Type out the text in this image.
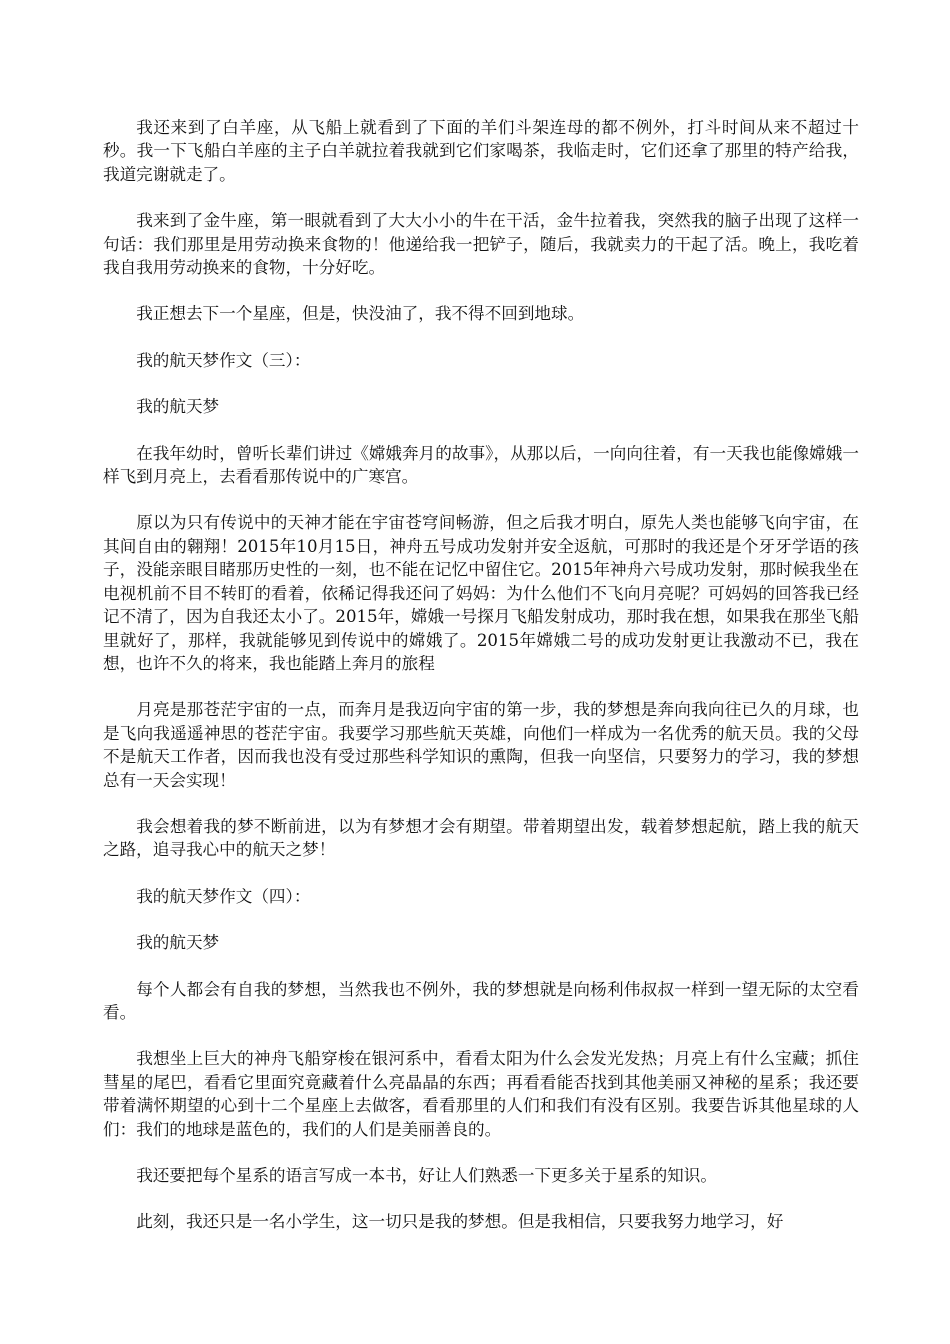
我还来到了白羊座，从飞船上就看到了下面的羊们斗架连母的都不例外，打斗时间从来不超过十秒。我一下飞船白羊座的主子白羊就拉着我就到它们家喝茶，我临走时，它们还拿了那里的特产给我，我道完谢就走了。

我来到了金牛座，第一眼就看到了大大小小的牛在干活，金牛拉着我，突然我的脑子出现了这样一句话：我们那里是用劳动换来食物的！他递给我一把铲子，随后，我就卖力的干起了活。晚上，我吃着我自我用劳动换来的食物，十分好吃。

我正想去下一个星座，但是，快没油了，我不得不回到地球。

我的航天梦作文（三）：

我的航天梦

在我年幼时，曾听长辈们讲过《嫦娥奔月的故事》，从那以后，一向向往着，有一天我也能像嫦娥一样飞到月亮上，去看看那传说中的广寒宫。

原以为只有传说中的天神才能在宇宙苍穹间畅游，但之后我才明白，原先人类也能够飞向宇宙，在其间自由的翱翔！2015年10月15日，神舟五号成功发射并安全返航，可那时的我还是个牙牙学语的孩子，没能亲眼目睹那历史性的一刻，也不能在记忆中留住它。2015年神舟六号成功发射，那时候我坐在电视机前不目不转盯的看着，依稀记得我还问了妈妈：为什么他们不飞向月亮呢？可妈妈的回答我已经记不清了，因为自我还太小了。2015年，嫦娥一号探月飞船发射成功，那时我在想，如果我在那坐飞船里就好了，那样，我就能够见到传说中的嫦娥了。2015年嫦娥二号的成功发射更让我激动不已，我在想，也许不久的将来，我也能踏上奔月的旅程

月亮是那苍茫宇宙的一点，而奔月是我迈向宇宙的第一步，我的梦想是奔向我向往已久的月球，也是飞向我遥遥神思的苍茫宇宙。我要学习那些航天英雄，向他们一样成为一名优秀的航天员。我的父母不是航天工作者，因而我也没有受过那些科学知识的熏陶，但我一向坚信，只要努力的学习，我的梦想总有一天会实现！

我会想着我的梦不断前进，以为有梦想才会有期望。带着期望出发，载着梦想起航，踏上我的航天之路，追寻我心中的航天之梦！

我的航天梦作文（四）：

我的航天梦

每个人都会有自我的梦想，当然我也不例外，我的梦想就是向杨利伟叔叔一样到一望无际的太空看看。

我想坐上巨大的神舟飞船穿梭在银河系中，看看太阳为什么会发光发热；月亮上有什么宝藏；抓住彗星的尾巴，看看它里面究竟藏着什么亮晶晶的东西；再看看能否找到其他美丽又神秘的星系；我还要带着满怀期望的心到十二个星座上去做客，看看那里的人们和我们有没有区别。我要告诉其他星球的人们：我们的地球是蓝色的，我们的人们是美丽善良的。

我还要把每个星系的语言写成一本书，好让人们熟悉一下更多关于星系的知识。

此刻，我还只是一名小学生，这一切只是我的梦想。但是我相信，只要我努力地学习，好
